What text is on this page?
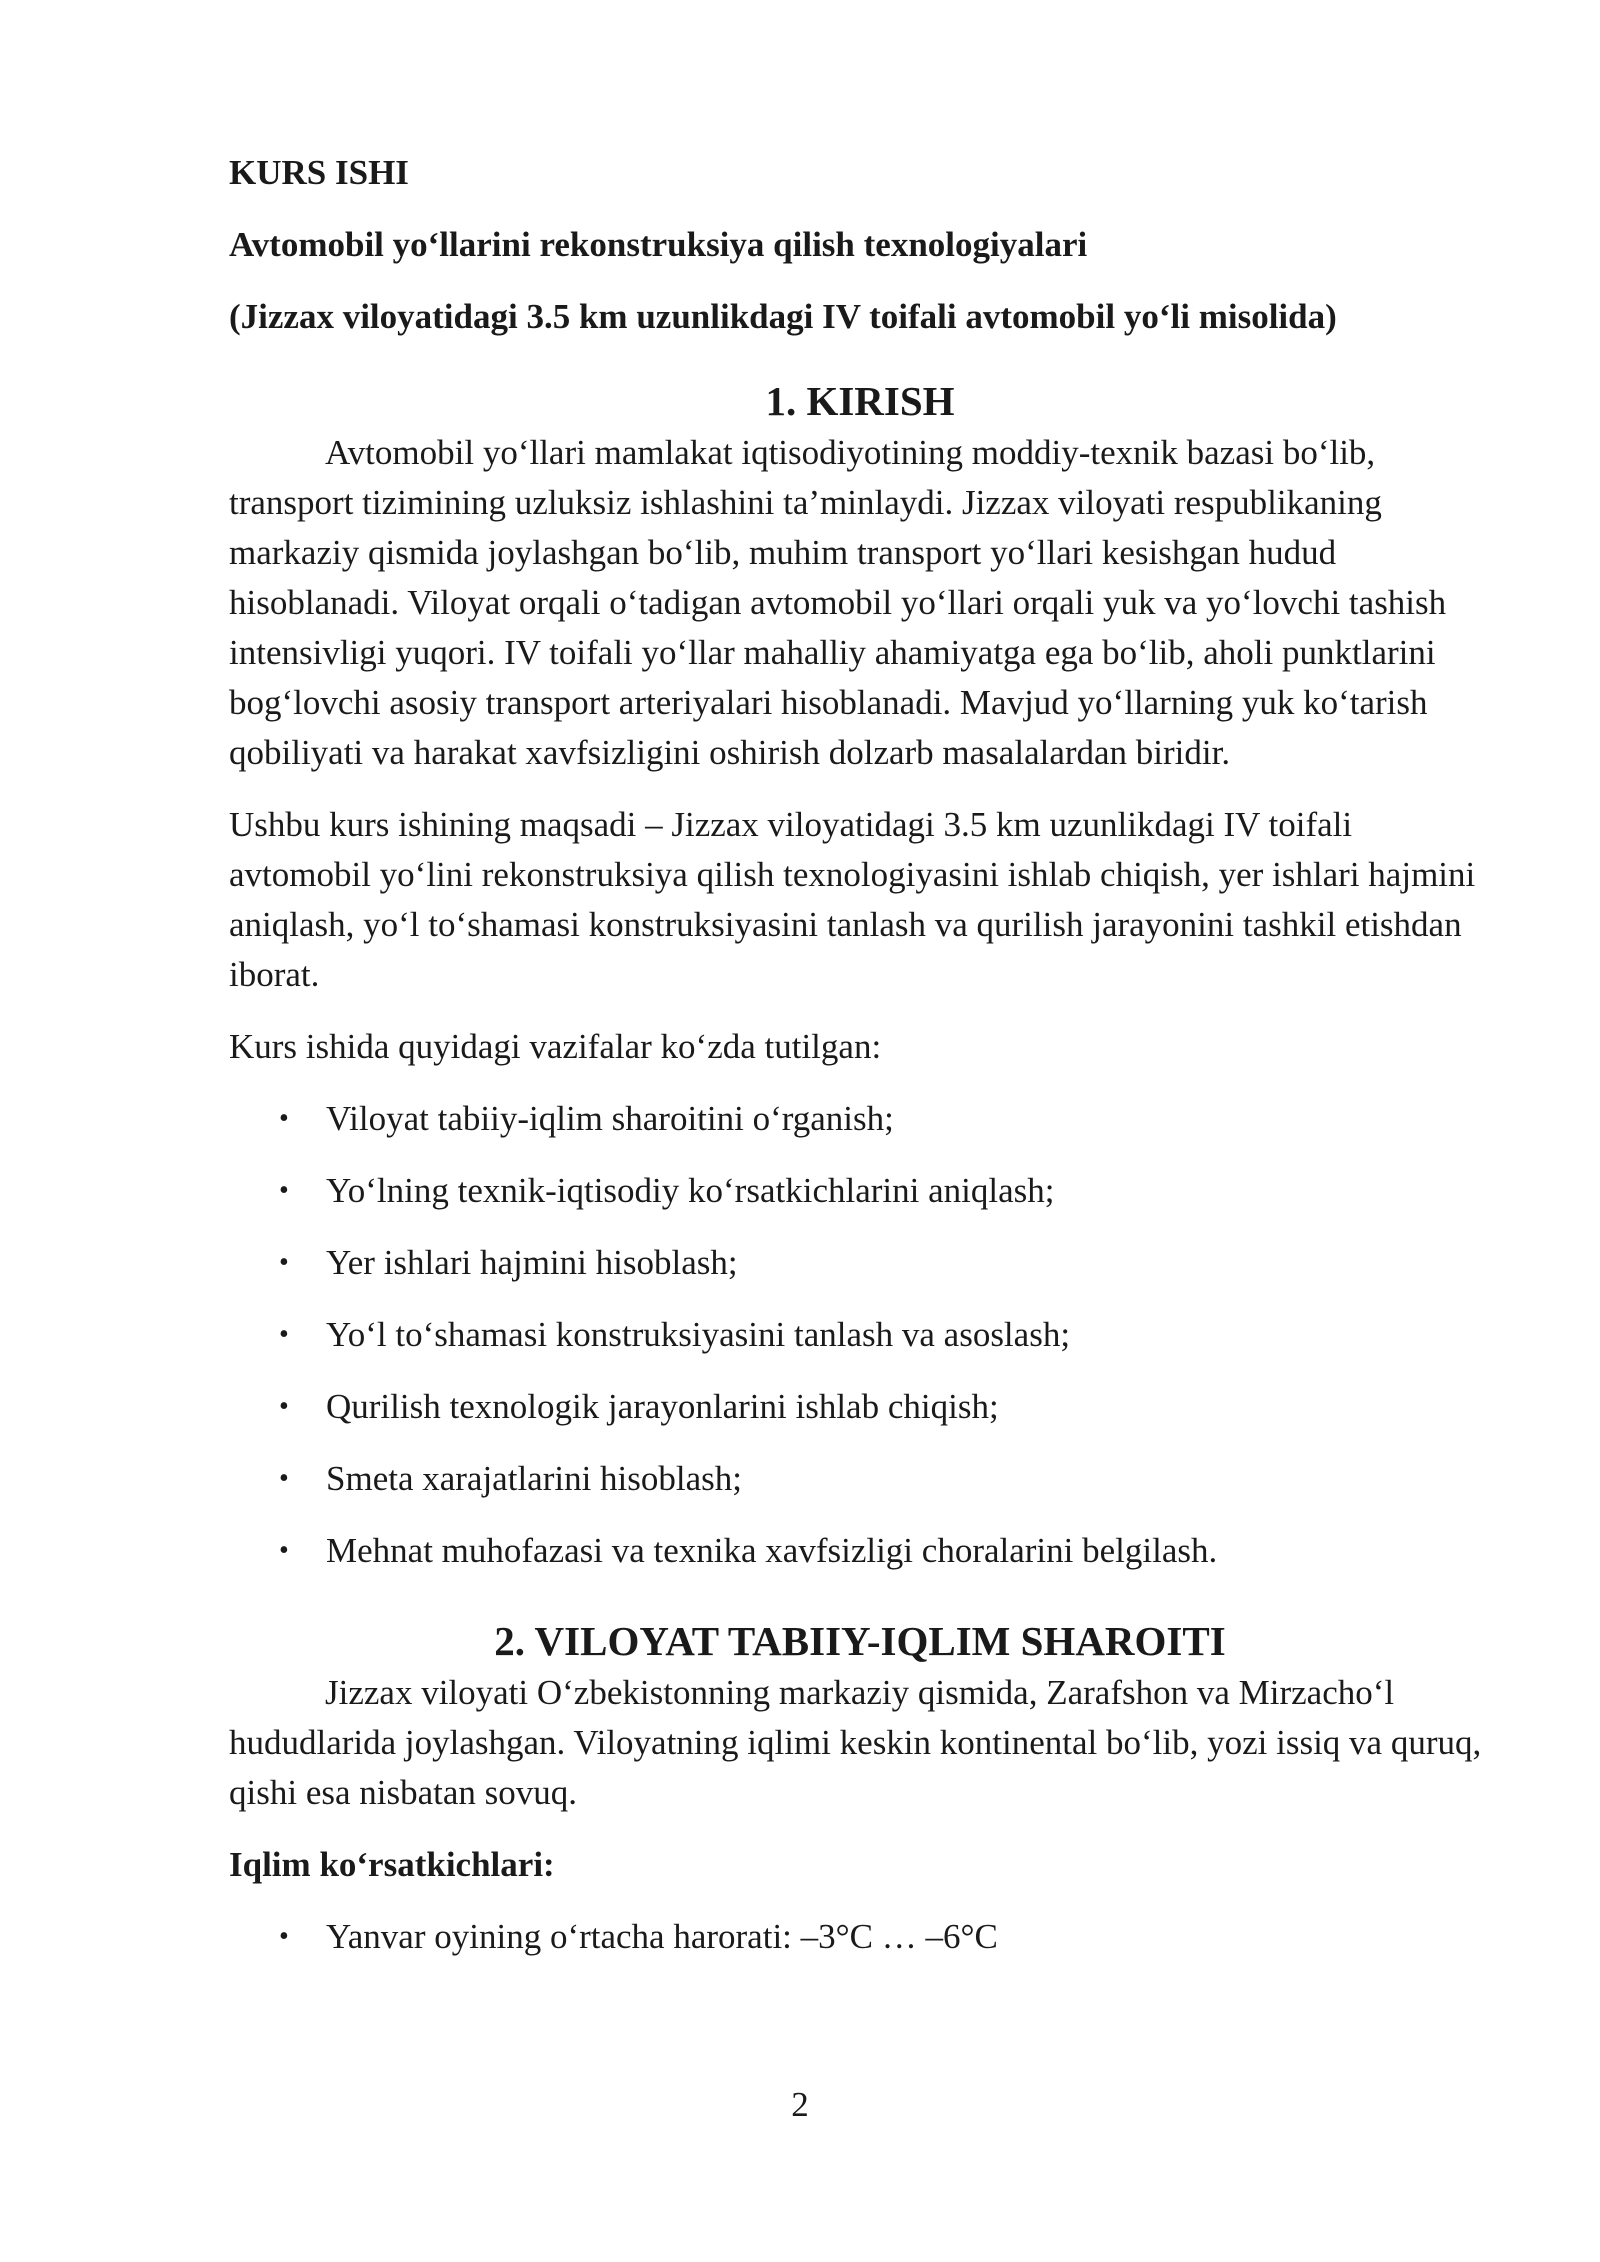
KURS ISHI
Avtomobil yo‘llarini rekonstruksiya qilish texnologiyalari
(Jizzax viloyatidagi 3.5 km uzunlikdagi IV toifali avtomobil yo‘li misolida)
1. KIRISH

Avtomobil yo‘llari mamlakat iqtisodiyotining moddiy-texnik bazasi bo‘lib, transport tizimining uzluksiz ishlashini ta’minlaydi. Jizzax viloyati respublikaning markaziy qismida joylashgan bo‘lib, muhim transport yo‘llari kesishgan hudud hisoblanadi. Viloyat orqali o‘tadigan avtomobil yo‘llari orqali yuk va yo‘lovchi tashish intensivligi yuqori. IV toifali yo‘llar mahalliy ahamiyatga ega bo‘lib, aholi punktlarini bog‘lovchi asosiy transport arteriyalari hisoblanadi. Mavjud yo‘llarning yuk ko‘tarish qobiliyati va harakat xavfsizligini oshirish dolzarb masalalardan biridir.

Ushbu kurs ishining maqsadi – Jizzax viloyatidagi 3.5 km uzunlikdagi IV toifali avtomobil yo‘lini rekonstruksiya qilish texnologiyasini ishlab chiqish, yer ishlari hajmini aniqlash, yo‘l to‘shamasi konstruksiyasini tanlash va qurilish jarayonini tashkil etishdan iborat.

Kurs ishida quyidagi vazifalar ko‘zda tutilgan:

• Viloyat tabiiy-iqlim sharoitini o‘rganish;
• Yo‘lning texnik-iqtisodiy ko‘rsatkichlarini aniqlash;
• Yer ishlari hajmini hisoblash;
• Yo‘l to‘shamasi konstruksiyasini tanlash va asoslash;
• Qurilish texnologik jarayonlarini ishlab chiqish;
• Smeta xarajatlarini hisoblash;
• Mehnat muhofazasi va texnika xavfsizligi choralarini belgilash.
2. VILOYAT TABIIY-IQLIM SHAROITI

Jizzax viloyati O‘zbekistonning markaziy qismida, Zarafshon va Mirzacho‘l hududlarida joylashgan. Viloyatning iqlimi keskin kontinental bo‘lib, yozi issiq va quruq, qishi esa nisbatan sovuq.

Iqlim ko‘rsatkichlari:
• Yanvar oyining o‘rtacha harorati: –3°C … –6°C
2
